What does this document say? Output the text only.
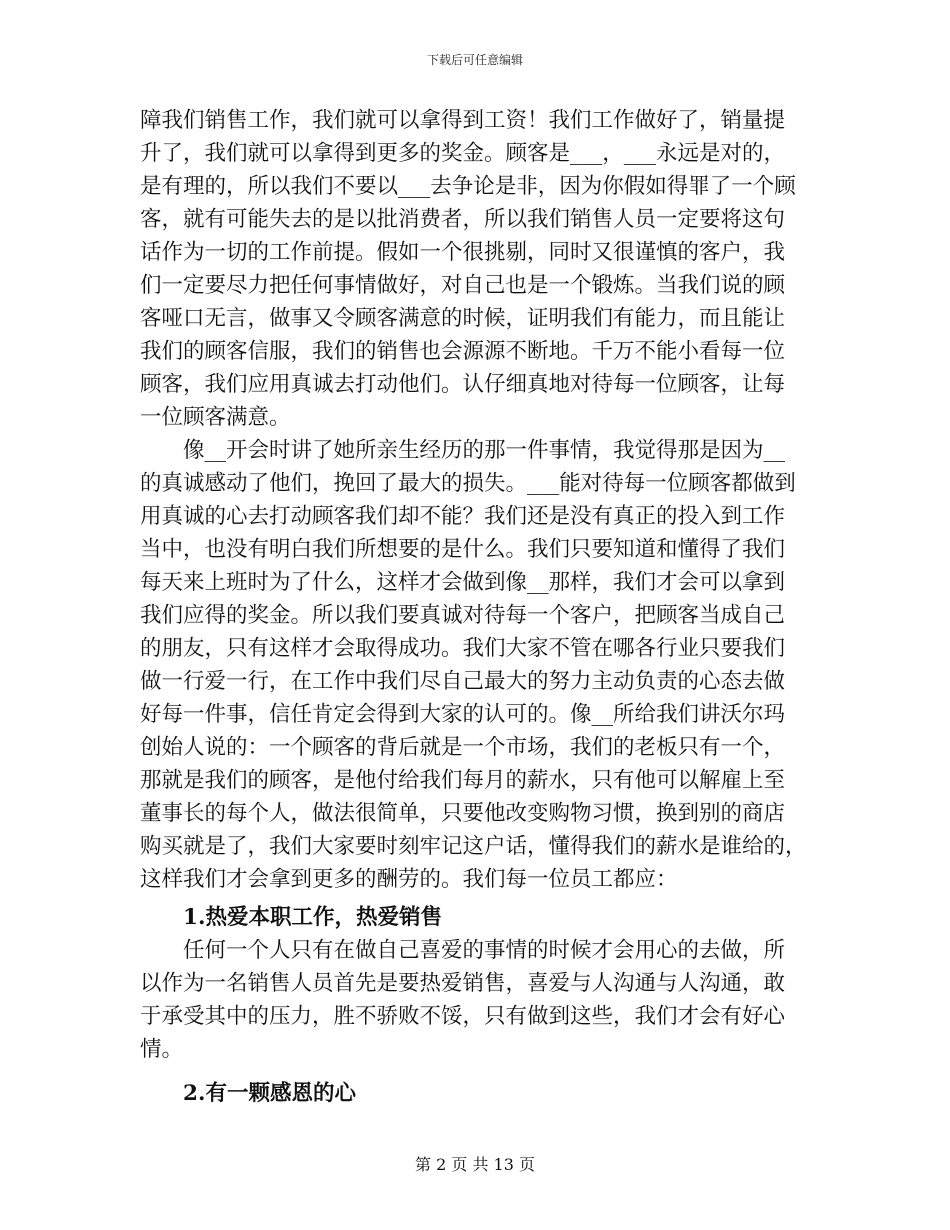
下载后可任意编辑
障我们销售工作，我们就可以拿得到工资！我们工作做好了，销量提
升了，我们就可以拿得到更多的奖金。顾客是___，___永远是对的，
是有理的，所以我们不要以___去争论是非，因为你假如得罪了一个顾
客，就有可能失去的是以批消费者，所以我们销售人员一定要将这句
话作为一切的工作前提。假如一个很挑剔，同时又很谨慎的客户，我
们一定要尽力把任何事情做好，对自己也是一个锻炼。当我们说的顾
客哑口无言，做事又令顾客满意的时候，证明我们有能力，而且能让
我们的顾客信服，我们的销售也会源源不断地。千万不能小看每一位
顾客，我们应用真诚去打动他们。认仔细真地对待每一位顾客，让每
一位顾客满意。
　　像__开会时讲了她所亲生经历的那一件事情，我觉得那是因为__
的真诚感动了他们，挽回了最大的损失。___能对待每一位顾客都做到
用真诚的心去打动顾客我们却不能？我们还是没有真正的投入到工作
当中，也没有明白我们所想要的是什么。我们只要知道和懂得了我们
每天来上班时为了什么，这样才会做到像__那样，我们才会可以拿到
我们应得的奖金。所以我们要真诚对待每一个客户，把顾客当成自己
的朋友，只有这样才会取得成功。我们大家不管在哪各行业只要我们
做一行爱一行，在工作中我们尽自己最大的努力主动负责的心态去做
好每一件事，信任肯定会得到大家的认可的。像__所给我们讲沃尔玛
创始人说的：一个顾客的背后就是一个市场，我们的老板只有一个，
那就是我们的顾客，是他付给我们每月的薪水，只有他可以解雇上至
董事长的每个人，做法很简单，只要他改变购物习惯，换到别的商店
购买就是了，我们大家要时刻牢记这户话，懂得我们的薪水是谁给的，
这样我们才会拿到更多的酬劳的。我们每一位员工都应：
　　1.热爱本职工作，热爱销售
　　任何一个人只有在做自己喜爱的事情的时候才会用心的去做，所
以作为一名销售人员首先是要热爱销售，喜爱与人沟通与人沟通，敢
于承受其中的压力，胜不骄败不馁，只有做到这些，我们才会有好心
情。
　　2.有一颗感恩的心
第 2 页 共 13 页
